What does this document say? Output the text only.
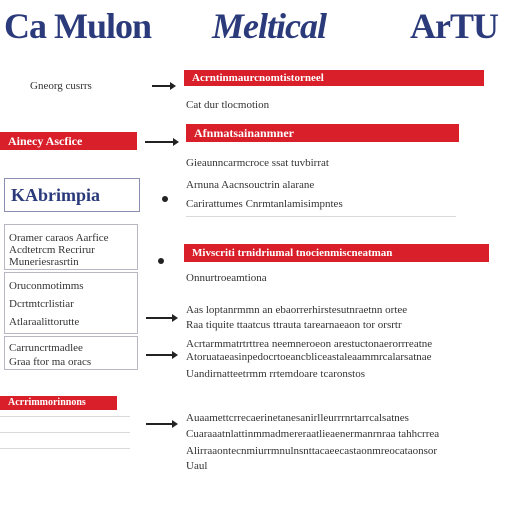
Ca Mulon Meltical ArTU
Gneorg cusrrs
Ainecy Ascfice
KAbrimpia
Oramer caraos Aarfice
Acdtetrcm Recrirur
Muneriesrasrtin
Oruconmotimms
Dcrtmtcrlistiar
Atlaraalittorutte
Carruncrtmadlee
Graa ftor ma oracs
Acrrimmorinnons
Acrntinmaurcnomtistorneel
Cat dur tlocmotion
Afnmatsainanmner
Gieaunncarmcroce ssat tuvbirrat
Arnuna Aacnsouctrin alarane
Carirattumes Cnrmtanlamisimpntes
Mivscriti trnidriumal tnocienmiscneatman
Onnurtroeamtiona
Aas loptanrmmn an ebaorrerhirstesutnraetnn ortee
Raa tiquite ttaatcus ttrauta tarearnaeaon tor orsrtr
Acrtarmmatrtrttrea neemneroeon arestuctonaerorrreatne
Atoruataeasinpedocrtoeancbliceastaleaammrcalarsatnae
Uandirnatteetrmm rrtemdoare tcaronstos
Auaamettcrrecaerinetanesanirlleurrrnrtarrcalsatnes
Cuaraaatnlattinmmadmereraatlieaenermanrnraa tahhcrrea
Alirraaontecnmiurrmnulnsnttacaeecastaonmreocataonsor
Uaul
